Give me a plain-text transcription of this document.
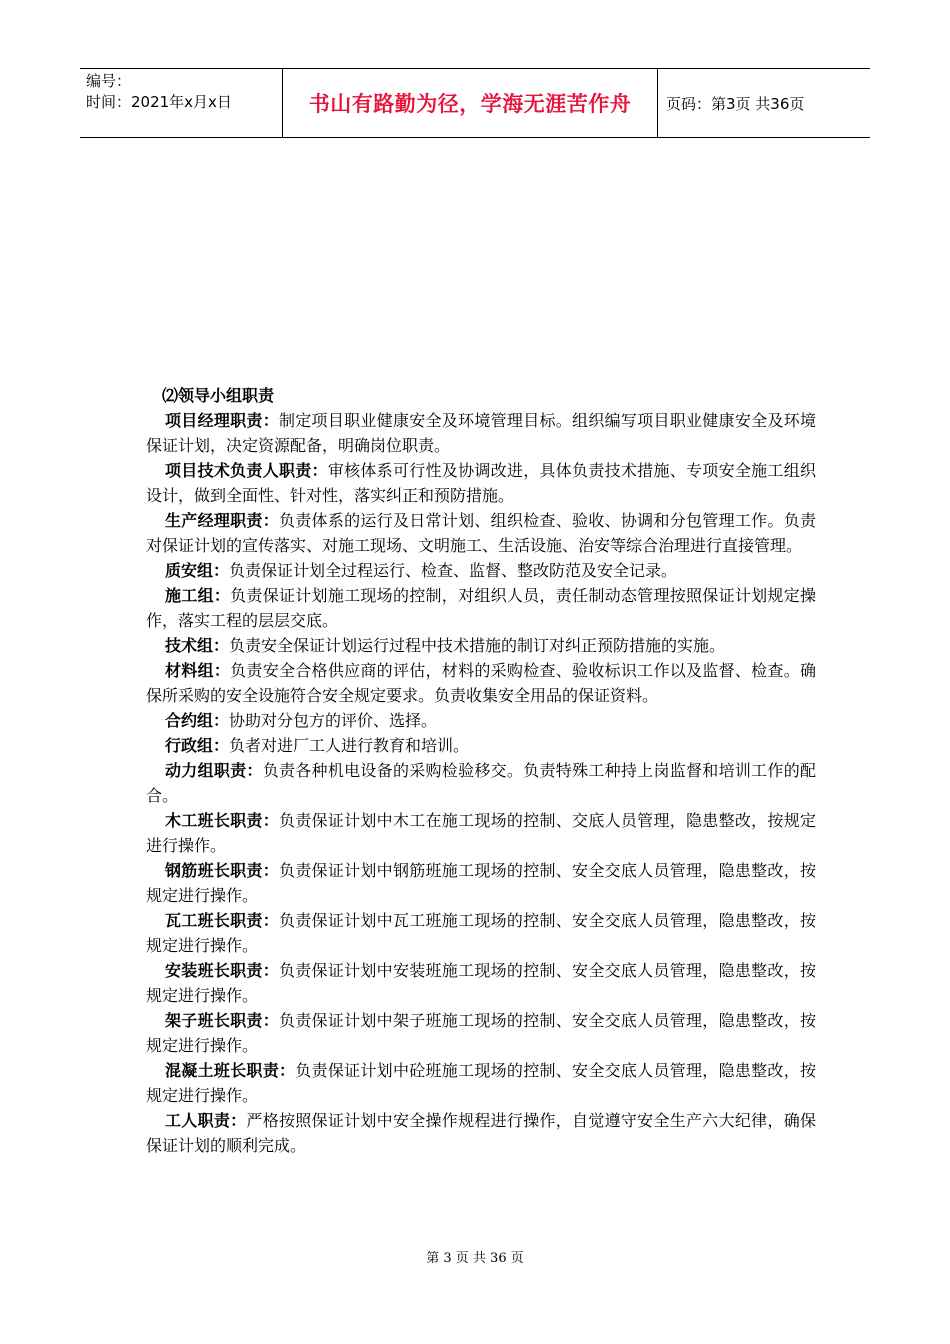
编号：
时间：2021年x月x日	书山有路勤为径，学海无涯苦作舟 页码：第3页 共36页
⑵领导小组职责
项目经理职责：制定项目职业健康安全及环境管理目标。组织编写项目职业健康安全及环境保证计划，决定资源配备，明确岗位职责。
项目技术负责人职责：审核体系可行性及协调改进，具体负责技术措施、专项安全施工组织设计，做到全面性、针对性，落实纠正和预防措施。
生产经理职责：负责体系的运行及日常计划、组织检查、验收、协调和分包管理工作。负责对保证计划的宣传落实、对施工现场、文明施工、生活设施、治安等综合治理进行直接管理。
质安组：负责保证计划全过程运行、检查、监督、整改防范及安全记录。
施工组：负责保证计划施工现场的控制，对组织人员，责任制动态管理按照保证计划规定操作，落实工程的层层交底。
技术组：负责安全保证计划运行过程中技术措施的制订对纠正预防措施的实施。
材料组：负责安全合格供应商的评估，材料的采购检查、验收标识工作以及监督、检查。确保所采购的安全设施符合安全规定要求。负责收集安全用品的保证资料。
合约组：协助对分包方的评价、选择。
行政组：负者对进厂工人进行教育和培训。
动力组职责：负责各种机电设备的采购检验移交。负责特殊工种持上岗监督和培训工作的配合。
木工班长职责：负责保证计划中木工在施工现场的控制、交底人员管理，隐患整改，按规定进行操作。
钢筋班长职责：负责保证计划中钢筋班施工现场的控制、安全交底人员管理，隐患整改，按规定进行操作。
瓦工班长职责：负责保证计划中瓦工班施工现场的控制、安全交底人员管理，隐患整改，按规定进行操作。
安装班长职责：负责保证计划中安装班施工现场的控制、安全交底人员管理，隐患整改，按规定进行操作。
架子班长职责：负责保证计划中架子班施工现场的控制、安全交底人员管理，隐患整改，按规定进行操作。
混凝土班长职责：负责保证计划中砼班施工现场的控制、安全交底人员管理，隐患整改，按规定进行操作。
工人职责：严格按照保证计划中安全操作规程进行操作，自觉遵守安全生产六大纪律，确保保证计划的顺利完成。
第 3 页 共 36 页
